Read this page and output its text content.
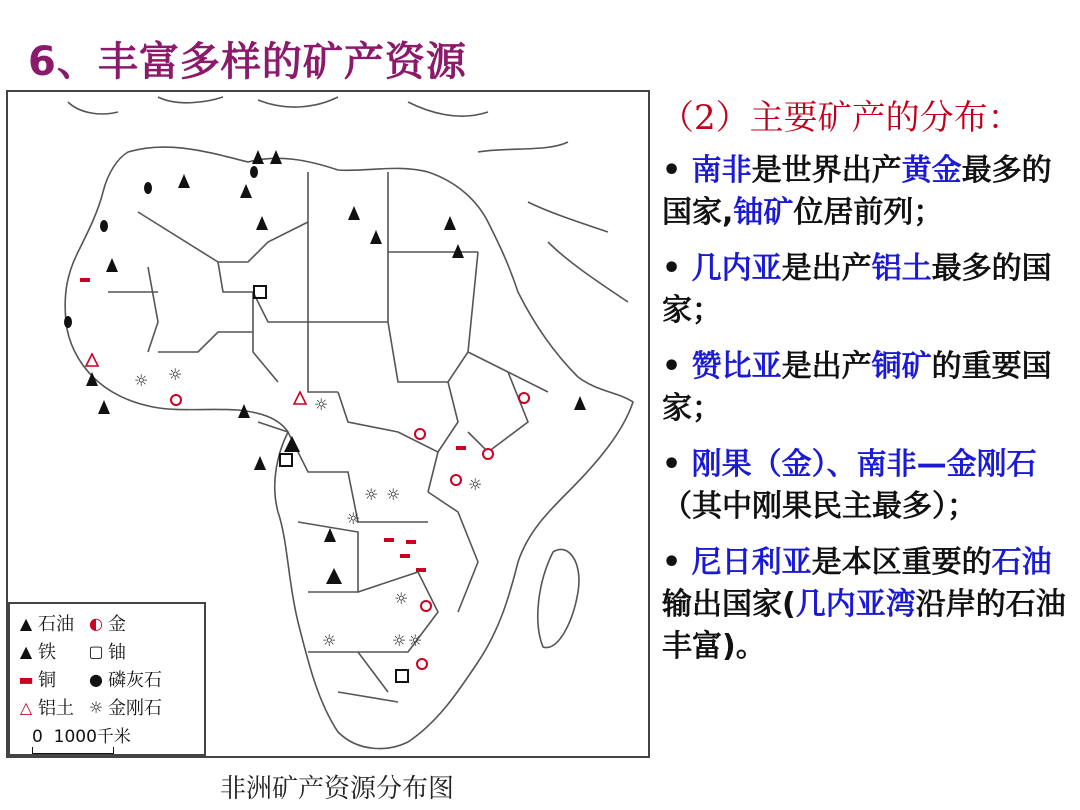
6、丰富多样的矿产资源
☼ ☼
☼
☼ ☼
☼
☼
☼
☼	☼ ☼
▲ 石油 ◐ 金
▲ 铁 ▢ 铀
▬ 铜 ● 磷灰石
△ 铝土 ☼ 金刚石
0  1000千米
非洲矿产资源分布图
（2）主要矿产的分布：
• 南非是世界出产黄金最多的国家,铀矿位居前列；
• 几内亚是出产铝土最多的国家；
• 赞比亚是出产铜矿的重要国家；
• 刚果（金）、南非—金刚石（其中刚果民主最多）；
• 尼日利亚是本区重要的石油输出国家(几内亚湾沿岸的石油丰富)。
